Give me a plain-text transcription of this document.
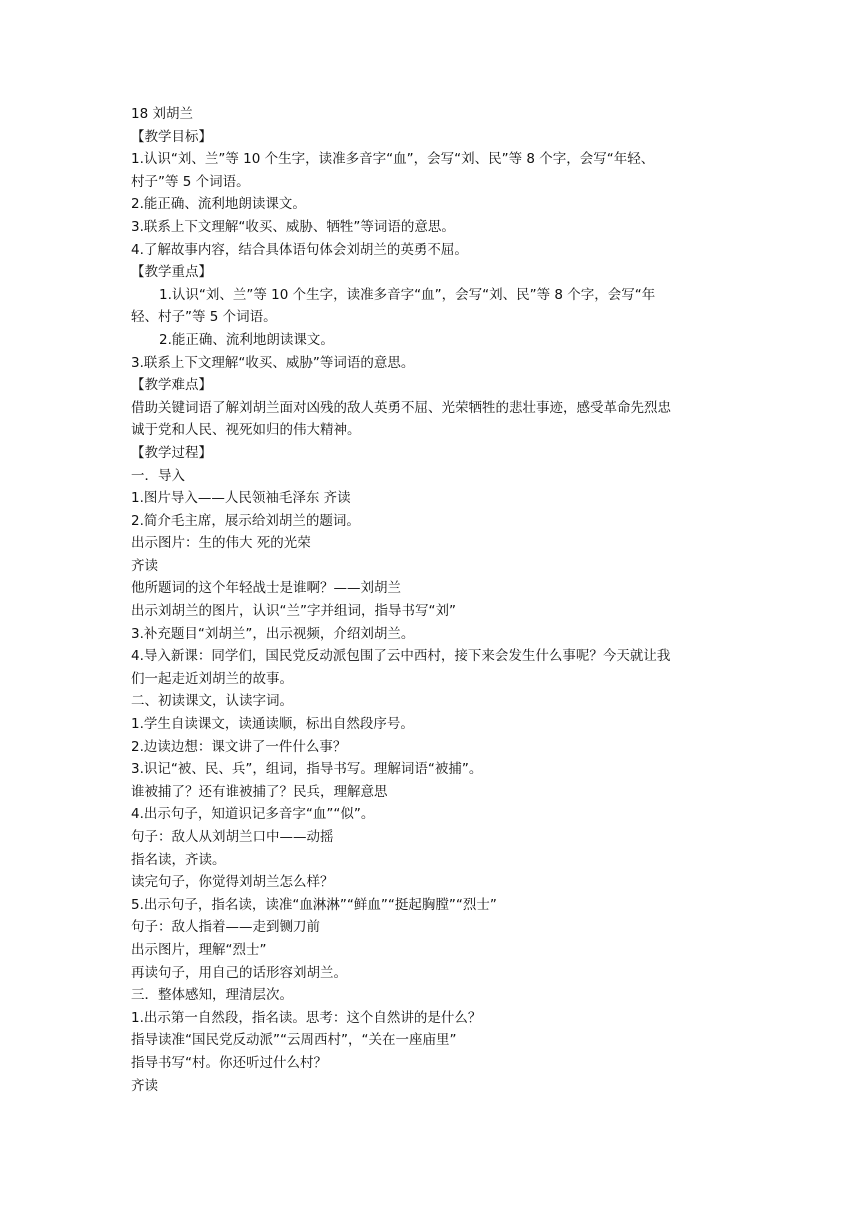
18 刘胡兰
【教学目标】
1.认识“刘、兰”等 10 个生字，读准多音字“血”，会写“刘、民”等 8 个字，会写“年轻、
村子”等 5 个词语。
2.能正确、流利地朗读课文。
3.联系上下文理解“收买、威胁、牺牲”等词语的意思。
4.了解故事内容，结合具体语句体会刘胡兰的英勇不屈。
【教学重点】
1.认识“刘、兰”等 10 个生字，读准多音字“血”，会写“刘、民”等 8 个字，会写“年
轻、村子”等 5 个词语。
2.能正确、流利地朗读课文。
3.联系上下文理解“收买、威胁”等词语的意思。
【教学难点】
借助关键词语了解刘胡兰面对凶残的敌人英勇不屈、光荣牺牲的悲壮事迹，感受革命先烈忠
诚于党和人民、视死如归的伟大精神。
【教学过程】
一．导入
1.图片导入——人民领袖毛泽东 齐读
2.简介毛主席，展示给刘胡兰的题词。
出示图片：生的伟大 死的光荣
齐读
他所题词的这个年轻战士是谁啊？——刘胡兰
出示刘胡兰的图片，认识“兰”字并组词，指导书写“刘”
3.补充题目“刘胡兰”，出示视频，介绍刘胡兰。
4.导入新课：同学们，国民党反动派包围了云中西村，接下来会发生什么事呢？今天就让我
们一起走近刘胡兰的故事。
二、初读课文，认读字词。
1.学生自读课文，读通读顺，标出自然段序号。
2.边读边想：课文讲了一件什么事？
3.识记“被、民、兵”，组词，指导书写。理解词语“被捕”。
谁被捕了？还有谁被捕了？民兵，理解意思
4.出示句子，知道识记多音字“血”“似”。
句子：敌人从刘胡兰口中——动摇
指名读，齐读。
读完句子，你觉得刘胡兰怎么样？
5.出示句子，指名读，读准“血淋淋”“鲜血”“挺起胸膛”“烈士”
句子：敌人指着——走到铡刀前
出示图片，理解“烈士”
再读句子，用自己的话形容刘胡兰。
三．整体感知，理清层次。
1.出示第一自然段，指名读。思考：这个自然讲的是什么？
指导读准“国民党反动派”“云周西村”，“关在一座庙里”
指导书写“村。你还听过什么村？
齐读
